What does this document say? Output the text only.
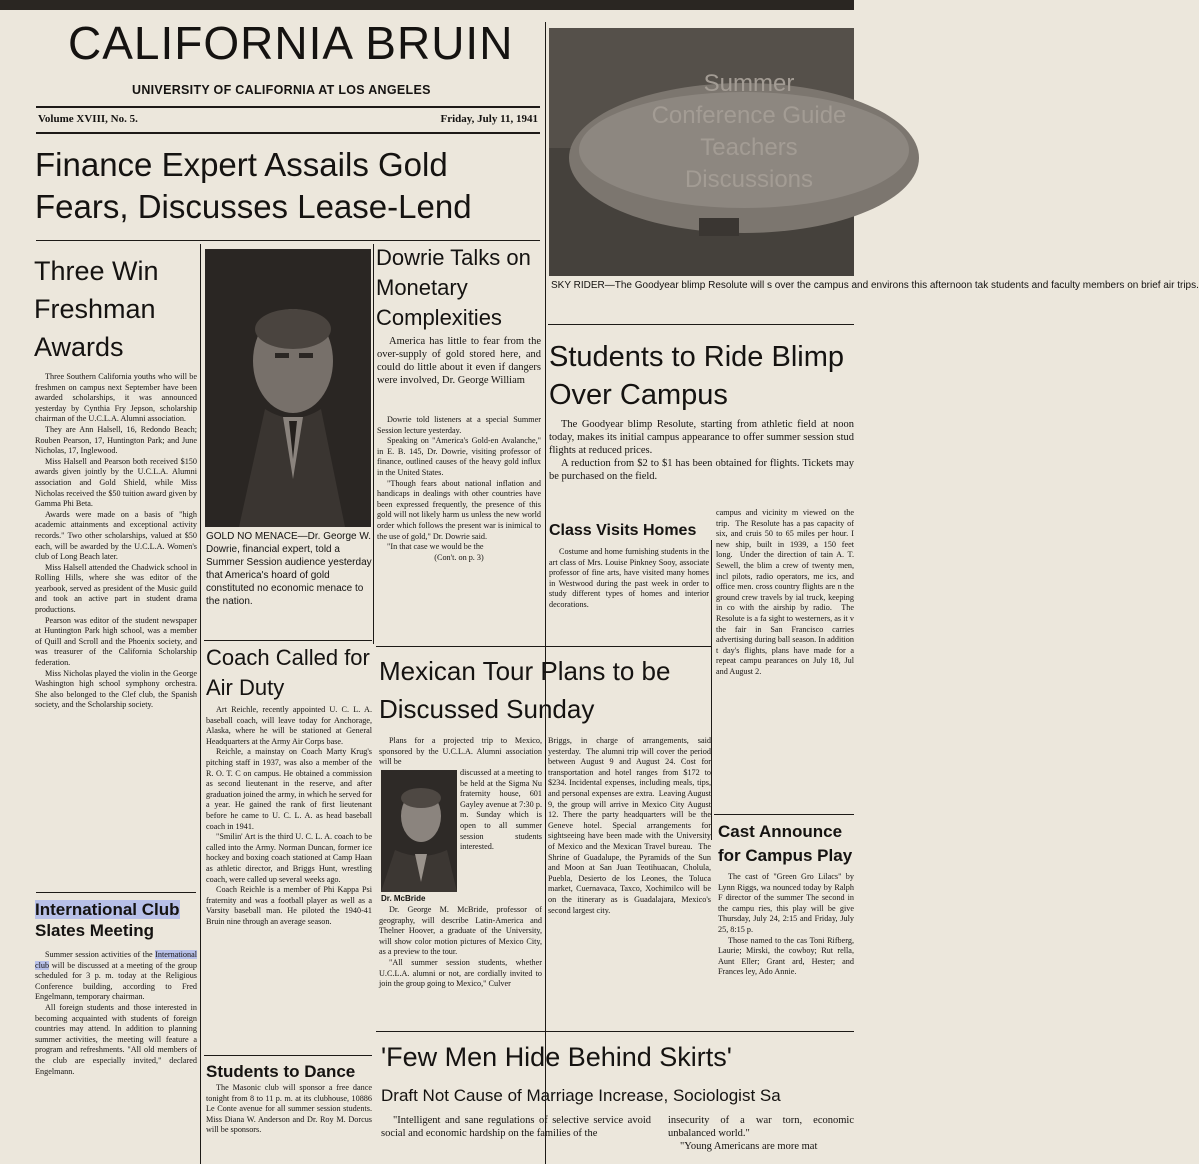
CALIFORNIA BRUIN
UNIVERSITY OF CALIFORNIA AT LOS ANGELES
Volume XVIII, No. 5.	Friday, July 11, 1941
Finance Expert Assails Gold Fears, Discusses Lease-Lend
Three Win Freshman Awards

Three Southern California youths who will be freshmen on campus next September have been awarded scholarships, it was announced yesterday by Cynthia Fry Jepson, scholarship chairman of the U.C.L.A. Alumni association.

They are Ann Halsell, 16, Redondo Beach; Rouben Pearson, 17, Huntington Park; and June Nicholas, 17, Inglewood.

Miss Halsell and Pearson both received $150 awards given jointly by the U.C.L.A. Alumni association and Gold Shield, while Miss Nicholas received the $50 tuition award given by Gamma Phi Beta.

Awards were made on a basis of "high academic attainments and exceptional activity records." Two other scholarships, valued at $50 each, will be awarded by the U.C.L.A. Women's club of Long Beach later.

Miss Halsell attended the Chadwick school in Rolling Hills, where she was editor of the yearbook, served as president of the Music guild and took an active part in student drama productions.

Pearson was editor of the student newspaper at Huntington Park high school, was a member of Quill and Scroll and the Phoenix society, and was treasurer of the California Scholarship federation.

Miss Nicholas played the violin in the George Washington high school symphony orchestra. She also belonged to the Clef club, the Spanish society, and the Scholarship society.

International Club
Slates Meeting

Summer session activities of the International club will be discussed at a meeting of the group scheduled for 3 p. m. today at the Religious Conference building, according to Fred Engelmann, temporary chairman.

All foreign students and those interested in becoming acquainted with students of foreign countries may attend. In addition to planning summer activities, the meeting will feature a program and refreshments. "All old members of the club are especially invited," declared Engelmann.

GOLD NO MENACE—Dr. George W. Dowrie, financial expert, told a Summer Session audience yesterday that America's hoard of gold constituted no economic menace to the nation.
Dowrie Talks on Monetary Complexities

America has little to fear from the over-supply of gold stored here, and could do little about it even if dangers were involved, Dr. George William

Dowrie told listeners at a special Summer Session lecture yesterday.

Speaking on "America's Gold-en Avalanche," in E. B. 145, Dr. Dowrie, visiting professor of finance, outlined causes of the heavy gold influx in the United States.

"Though fears about national inflation and handicaps in dealings with other countries have been expressed frequently, the presence of this gold will not likely harm us unless the new world order which follows the present war is inimical to the use of gold," Dr. Dowrie said.

"In that case we would be the

(Con't. on p. 3)

Coach Called for Air Duty

Art Reichle, recently appointed U. C. L. A. baseball coach, will leave today for Anchorage, Alaska, where he will be stationed at General Headquarters at the Army Air Corps base.

Reichle, a mainstay on Coach Marty Krug's pitching staff in 1937, was also a member of the R. O. T. C on campus. He obtained a commission as second lieutenant in the reserve, and after graduation joined the army, in which he served for a year. He gained the rank of first lieutenant before he came to U. C. L. A. as head baseball coach in 1941.

"Smilin' Art is the third U. C. L. A. coach to be called into the Army. Norman Duncan, former ice hockey and boxing coach stationed at Camp Haan as athletic director, and Briggs Hunt, wrestling coach, were called up several weeks ago.

Coach Reichle is a member of Phi Kappa Psi fraternity and was a football player as well as a Varsity baseball man. He piloted the 1940-41 Bruin nine through an average season.

Students to Dance

The Masonic club will sponsor a free dance tonight from 8 to 11 p. m. at its clubhouse, 10886 Le Conte avenue for all summer session students. Miss Diana W. Anderson and Dr. Roy M. Dorcus will be sponsors.

Mexican Tour Plans to be Discussed Sunday

Plans for a projected trip to Mexico, sponsored by the U.C.L.A. Alumni association will be

Dr. McBride

discussed at a meeting to be held at the Sigma Nu fraternity house, 601 Gayley avenue at 7:30 p. m. Sunday which is open to all summer session students interested.

Dr. George M. McBride, professor of geography, will describe Latin-America and Thelner Hoover, a graduate of the University, will show color motion pictures of Mexico City, as a preview to the tour.

"All summer session students, whether U.C.L.A. alumni or not, are cordially invited to join the group going to Mexico," Culver

Briggs, in charge of arrangements, said yesterday.  The alumni trip will cover the period between August 9 and August 24. Cost for transportation and hotel ranges from $172 to $234. Incidental expenses, including meals, tips, and personal expenses are extra.  Leaving August 9, the group will arrive in Mexico City August 12. There the party headquarters will be the Geneve hotel. Special arrangements for sightseeing have been made with the University of Mexico and the Mexican Travel bureau.  The Shrine of Guadalupe, the Pyramids of the Sun and Moon at San Juan Teotihuacan, Cholula, Puebla, Desierto de los Leones, the Toluca market, Cuernavaca, Taxco, Xochimilco will be on the itinerary as is Guadalajara, Mexico's second largest city.

'Few Men Hide Behind Skirts'
Draft Not Cause of Marriage Increase, Sociologist Sa

"Intelligent and sane regulations of selective service avoid social and economic hardship on the families of the

insecurity of a war torn, economic unbalanced world."

"Young Americans are more mat

Summer Conference Guide Teachers Discussions
SKY RIDER—The Goodyear blimp Resolute will s over the campus and environs this afternoon tak students and faculty members on brief air trips.
Students to Ride Blimp Over Campus

The Goodyear blimp Resolute, starting from athletic field at noon today, makes its initial campus appearance to offer summer session stud flights at reduced prices.

A reduction from $2 to $1 has been obtained for flights. Tickets may be purchased on the field.

campus and vicinity m viewed on the trip.  The Resolute has a pas capacity of six, and cruis 50 to 65 miles per hour. I new ship, built in 1939, a 150 feet long.  Under the direction of tain A. T. Sewell, the blim a crew of twenty men, incl pilots, radio operators, me ics, and office men. cross country flights are n the ground crew travels by ial truck, keeping in co with the airship by radio.  The Resolute is a fa sight to westerners, as it v the fair in San Francisco carries advertising during ball season. In addition t day's flights, plans have made for a repeat campu pearances on July 18, Jul and August 2.

Class Visits Homes

Costume and home furnishing students in the art class of Mrs. Louise Pinkney Sooy, associate professor of fine arts, have visited many homes in Westwood during the past week in order to study different types of homes and interior decorations.

Cast Announce for Campus Play

The cast of "Green Gro Lilacs" by Lynn Riggs, wa nounced today by Ralph F director of the summer The second in the campu ries, this play will be give Thursday, July 24, 2:15 and Friday, July 25, 8:15 p.

Those named to the cas Toni Rifberg, Laurie; Mirski, the cowboy; Rut rella, Aunt Eller; Grant ard, Hester; and Frances ley, Ado Annie.
